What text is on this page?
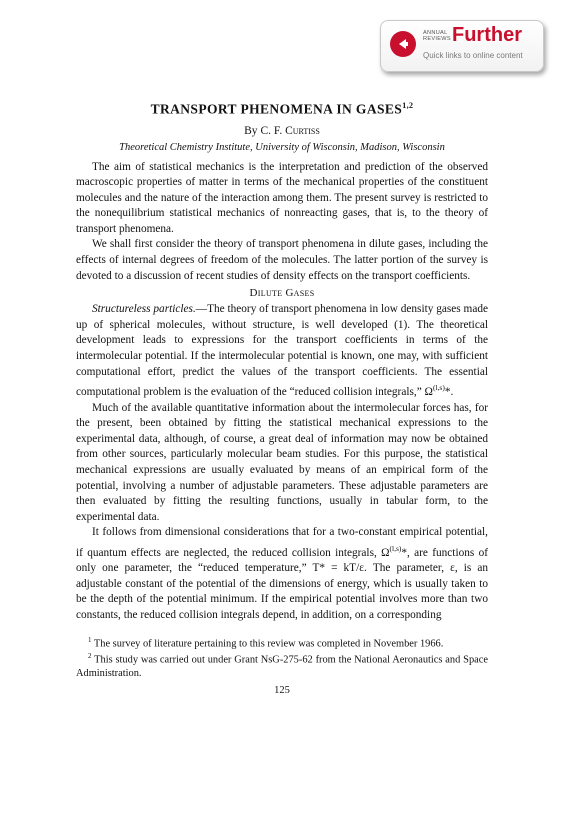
ANNUAL
REVIEWS Further
Quick links to online content
TRANSPORT PHENOMENA IN GASES$^{1,2}$
By C. F. Curtiss
Theoretical Chemistry Institute, University of Wisconsin, Madison, Wisconsin

The aim of statistical mechanics is the interpretation and prediction of the observed macroscopic properties of matter in terms of the mechanical properties of the constituent molecules and the nature of the interaction among them. The present survey is restricted to the nonequilibrium statistical mechanics of nonreacting gases, that is, to the theory of transport phenomena.

We shall first consider the theory of transport phenomena in dilute gases, including the effects of internal degrees of freedom of the molecules. The latter portion of the survey is devoted to a discussion of recent studies of density effects on the transport coefficients.

Dilute Gases

Structureless particles.—The theory of transport phenomena in low density gases made up of spherical molecules, without structure, is well developed (1). The theoretical development leads to expressions for the transport coefficients in terms of the intermolecular potential. If the intermolecular potential is known, one may, with sufficient computational effort, predict the values of the transport coefficients. The essential computational problem is the evaluation of the “reduced collision integrals,” Ω$^{(l,s)}$*.

Much of the available quantitative information about the intermolecular forces has, for the present, been obtained by fitting the statistical mechanical expressions to the experimental data, although, of course, a great deal of information may now be obtained from other sources, particularly molecular beam studies. For this purpose, the statistical mechanical expressions are usually evaluated by means of an empirical form of the potential, involving a number of adjustable parameters. These adjustable parameters are then evaluated by fitting the resulting functions, usually in tabular form, to the experimental data.

It follows from dimensional considerations that for a two-constant empirical potential, if quantum effects are neglected, the reduced collision integrals, Ω$^{(l,s)}$*, are functions of only one parameter, the “reduced temperature,” T* = kT/ε. The parameter, ε, is an adjustable constant of the potential of the dimensions of energy, which is usually taken to be the depth of the potential minimum. If the empirical potential involves more than two constants, the reduced collision integrals depend, in addition, on a corresponding

$^1$ The survey of literature pertaining to this review was completed in November 1966.

$^2$ This study was carried out under Grant NsG-275-62 from the National Aeronautics and Space Administration.

125
